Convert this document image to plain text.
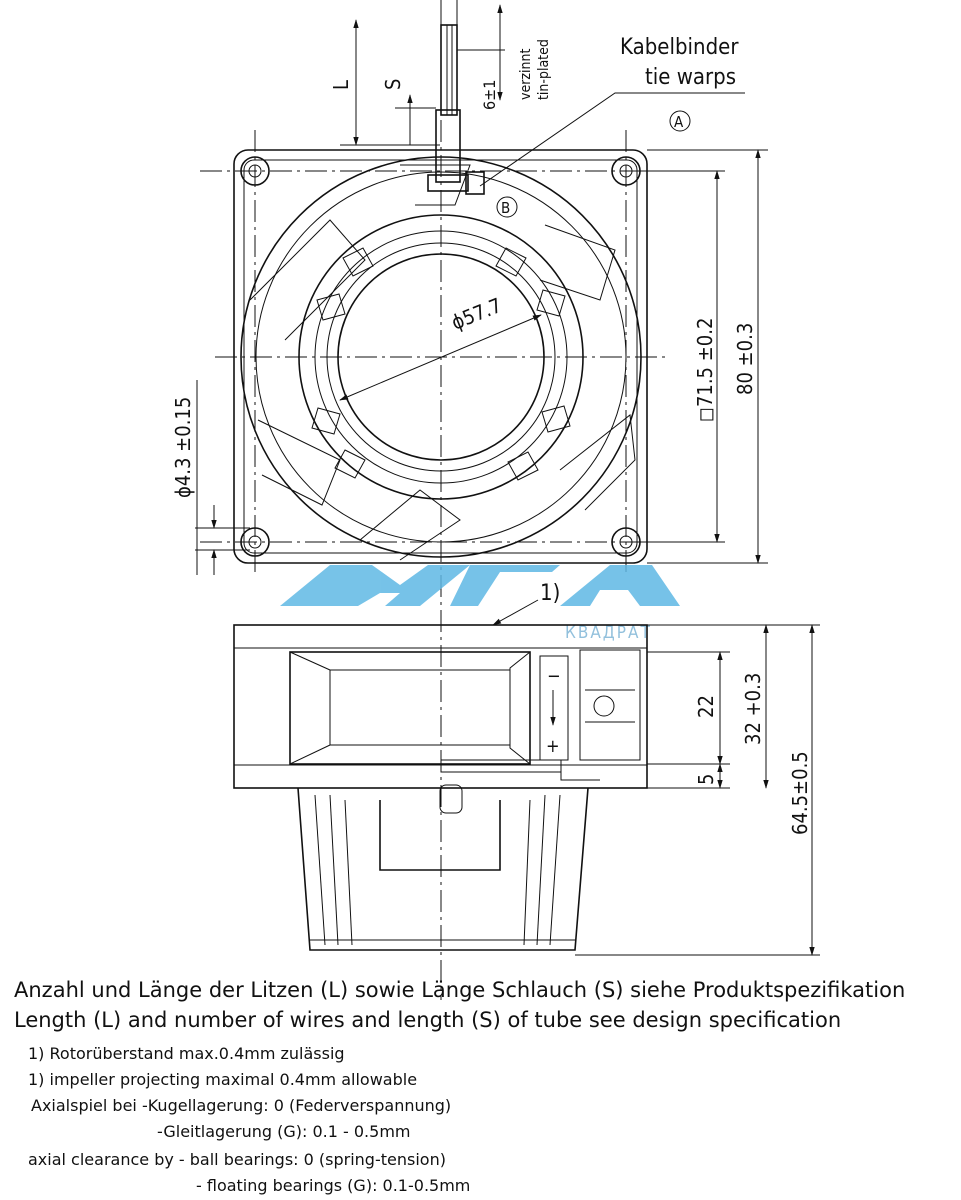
ϕ57.7
L S	6±1 verzinnt tin-plated	Kabelbinder
tie warps
A
B
◻71.5 ±0.2 80 ±0.3
ϕ4.3 ±0.15
КВАДРАТ
−
+
1)
22
5
32 +0.3
64.5±0.5
Anzahl und Länge der Litzen (L) sowie Länge Schlauch (S) siehe Produktspezifikation
Length (L) and number of wires and length (S) of tube see design specification
1) Rotorüberstand max.0.4mm zulässig
1) impeller projecting maximal 0.4mm allowable
Axialspiel bei -Kugellagerung: 0 (Federverspannung)
-Gleitlagerung (G): 0.1 - 0.5mm
axial clearance by - ball bearings: 0 (spring-tension)
- floating bearings (G): 0.1-0.5mm
